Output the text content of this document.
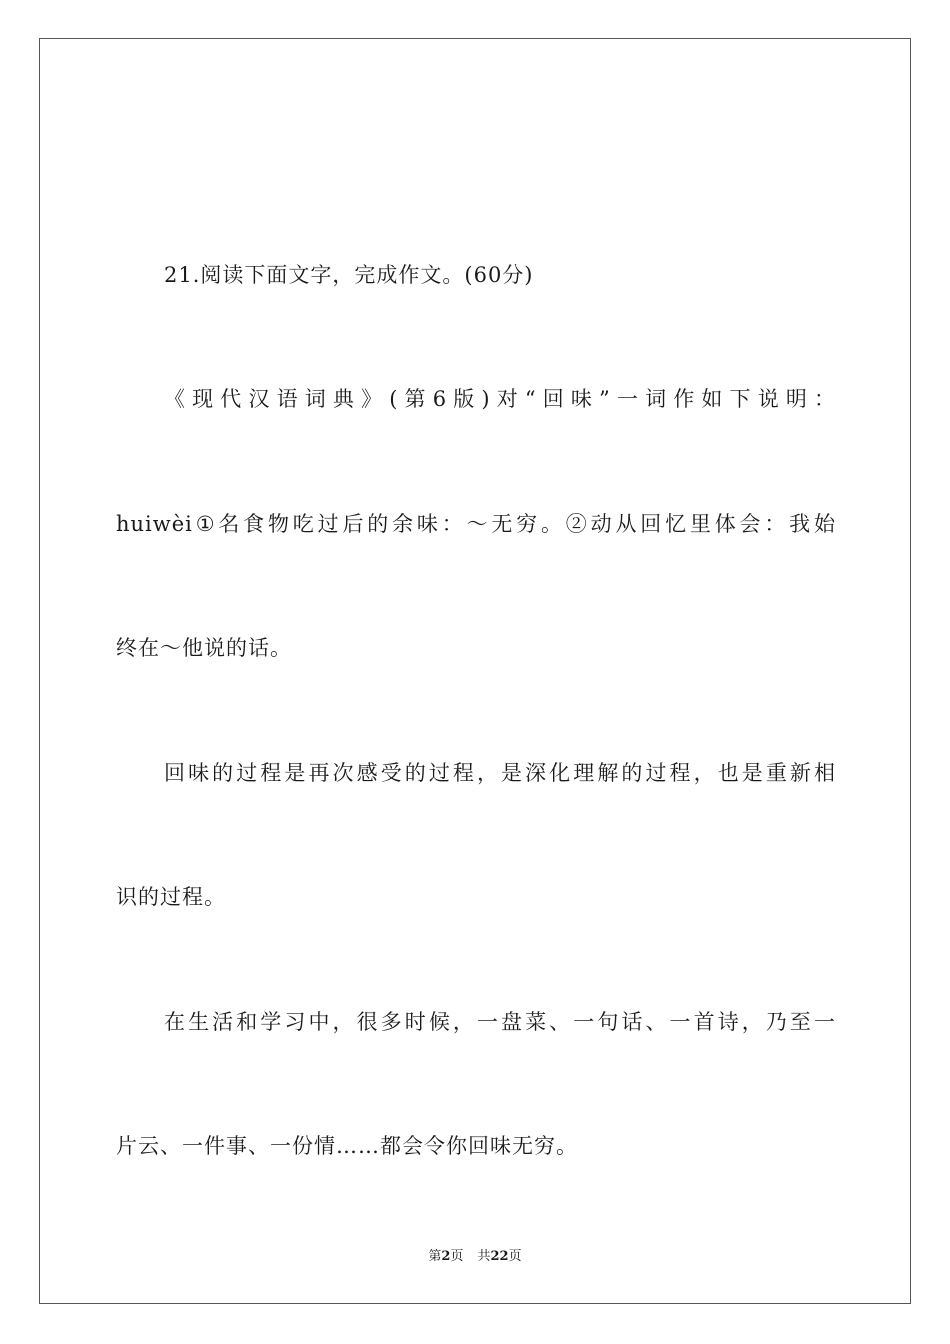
21.阅读下面文字，完成作文。(60分)
《现代汉语词典》(第6版)对“回味”一词作如下说明：
huiwèi①名食物吃过后的余味：～无穷。②动从回忆里体会：我始
终在～他说的话。
回味的过程是再次感受的过程，是深化理解的过程，也是重新相
识的过程。
在生活和学习中，很多时候，一盘菜、一句话、一首诗，乃至一
片云、一件事、一份情……都会令你回味无穷。
第2页 共22页
